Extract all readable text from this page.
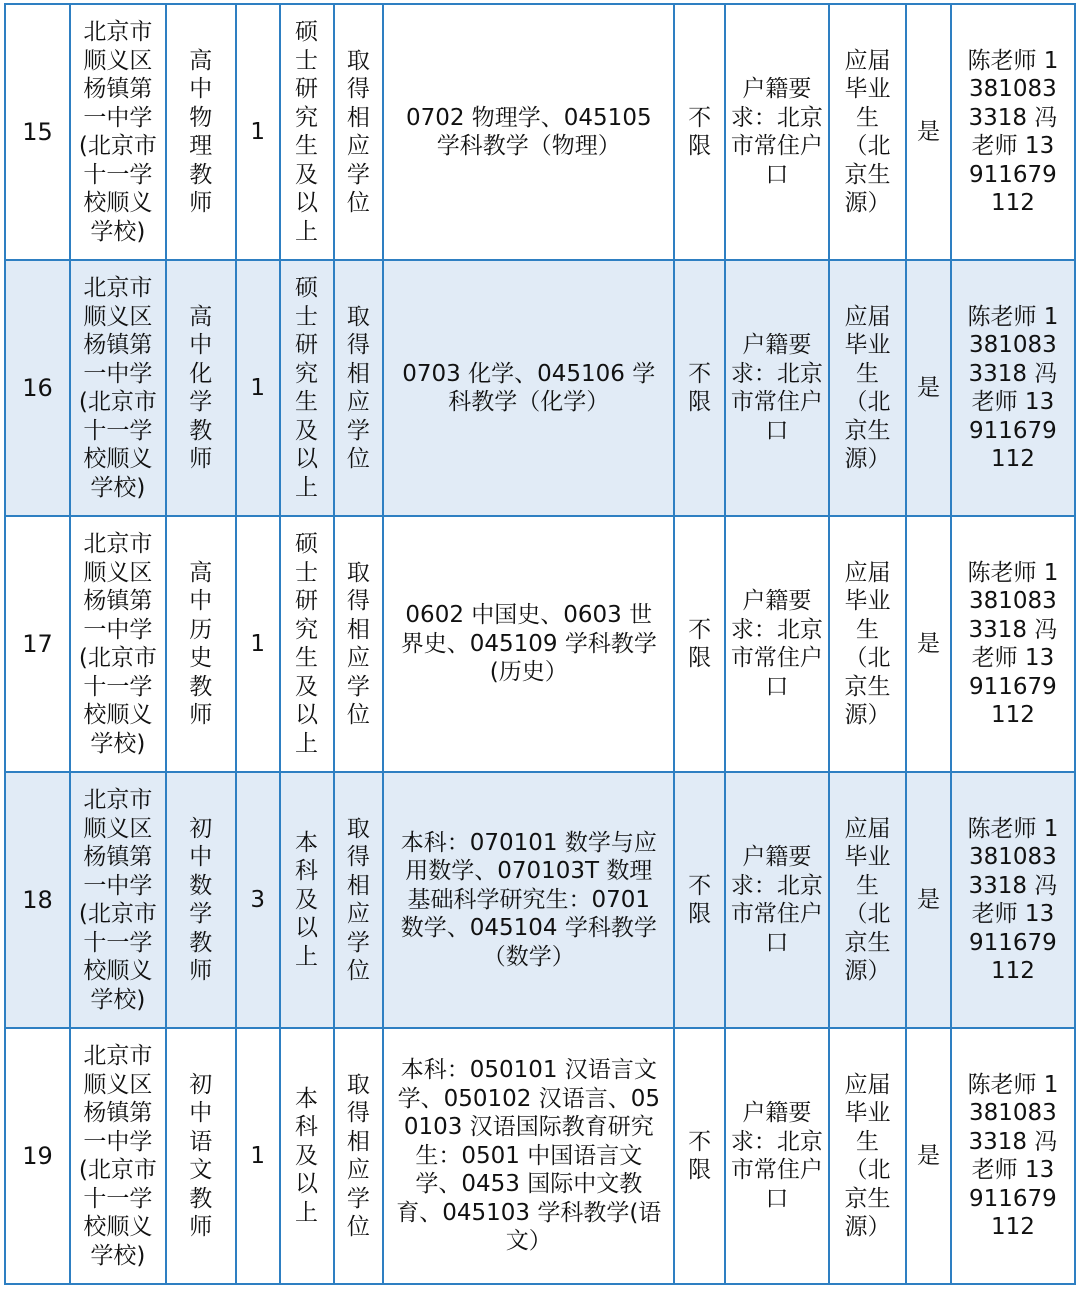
15	北京市顺义区杨镇第一中学(北京市十一学校顺义学校)	高中物理教师	1	硕士研究生及以上	取得相应学位	0702 物理学、045105 学科教学（物理）	不限	户籍要求：北京市常住户口	应届毕业生（北京生源）	是	陈老师 13810833318 冯老师 13911679112
16	北京市顺义区杨镇第一中学(北京市十一学校顺义学校)	高中化学教师	1	硕士研究生及以上	取得相应学位	0703 化学、045106 学科教学（化学）	不限	户籍要求：北京市常住户口	应届毕业生（北京生源）	是	陈老师 13810833318 冯老师 13911679112
17	北京市顺义区杨镇第一中学(北京市十一学校顺义学校)	高中历史教师	1	硕士研究生及以上	取得相应学位	0602 中国史、0603 世界史、045109 学科教学(历史）	不限	户籍要求：北京市常住户口	应届毕业生（北京生源）	是	陈老师 13810833318 冯老师 13911679112
18	北京市顺义区杨镇第一中学(北京市十一学校顺义学校)	初中数学教师	3	本科及以上	取得相应学位	本科：070101 数学与应用数学、070103T 数理基础科学研究生：0701 数学、045104 学科教学（数学）	不限	户籍要求：北京市常住户口	应届毕业生（北京生源）	是	陈老师 13810833318 冯老师 13911679112
19	北京市顺义区杨镇第一中学(北京市十一学校顺义学校)	初中语文教师	1	本科及以上	取得相应学位	本科：050101 汉语言文学、050102 汉语言、050103 汉语国际教育研究生：0501 中国语言文学、0453 国际中文教育、045103 学科教学(语文）	不限	户籍要求：北京市常住户口	应届毕业生（北京生源）	是	陈老师 13810833318 冯老师 13911679112
